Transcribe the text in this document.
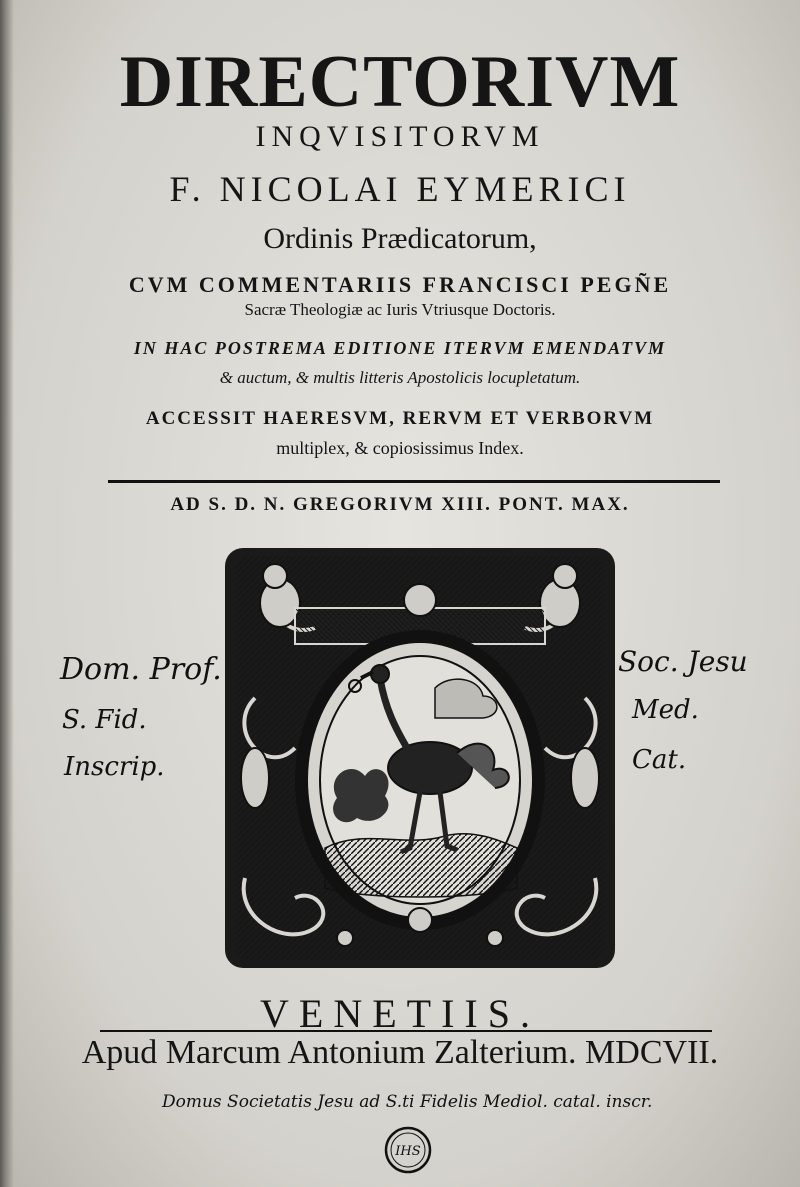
DIRECTORIVM
INQVISITORVM
F. NICOLAI EYMERICI
Ordinis Prædicatorum,
CVM COMMENTARIIS FRANCISCI PEGÑE
Sacræ Theologiæ ac Iuris Vtriusque Doctoris.
IN HAC POSTREMA EDITIONE ITERVM EMENDATVM
& auctum, & multis litteris Apostolicis locupletatum.
ACCESSIT HAERESVM, RERVM ET VERBORVM
multiplex, & copiosissimus Index.
AD S. D. N. GREGORIVM XIII. PONT. MAX.
Dom. Prof.
S. Fid.
Inscrip.
Soc. Jesu
Med.
Cat.
VENETIIS.
Apud Marcum Antonium Zalterium. MDCVII.
Domus Societatis Jesu ad S.ti Fidelis Mediol. catal. inscr.
IHS
